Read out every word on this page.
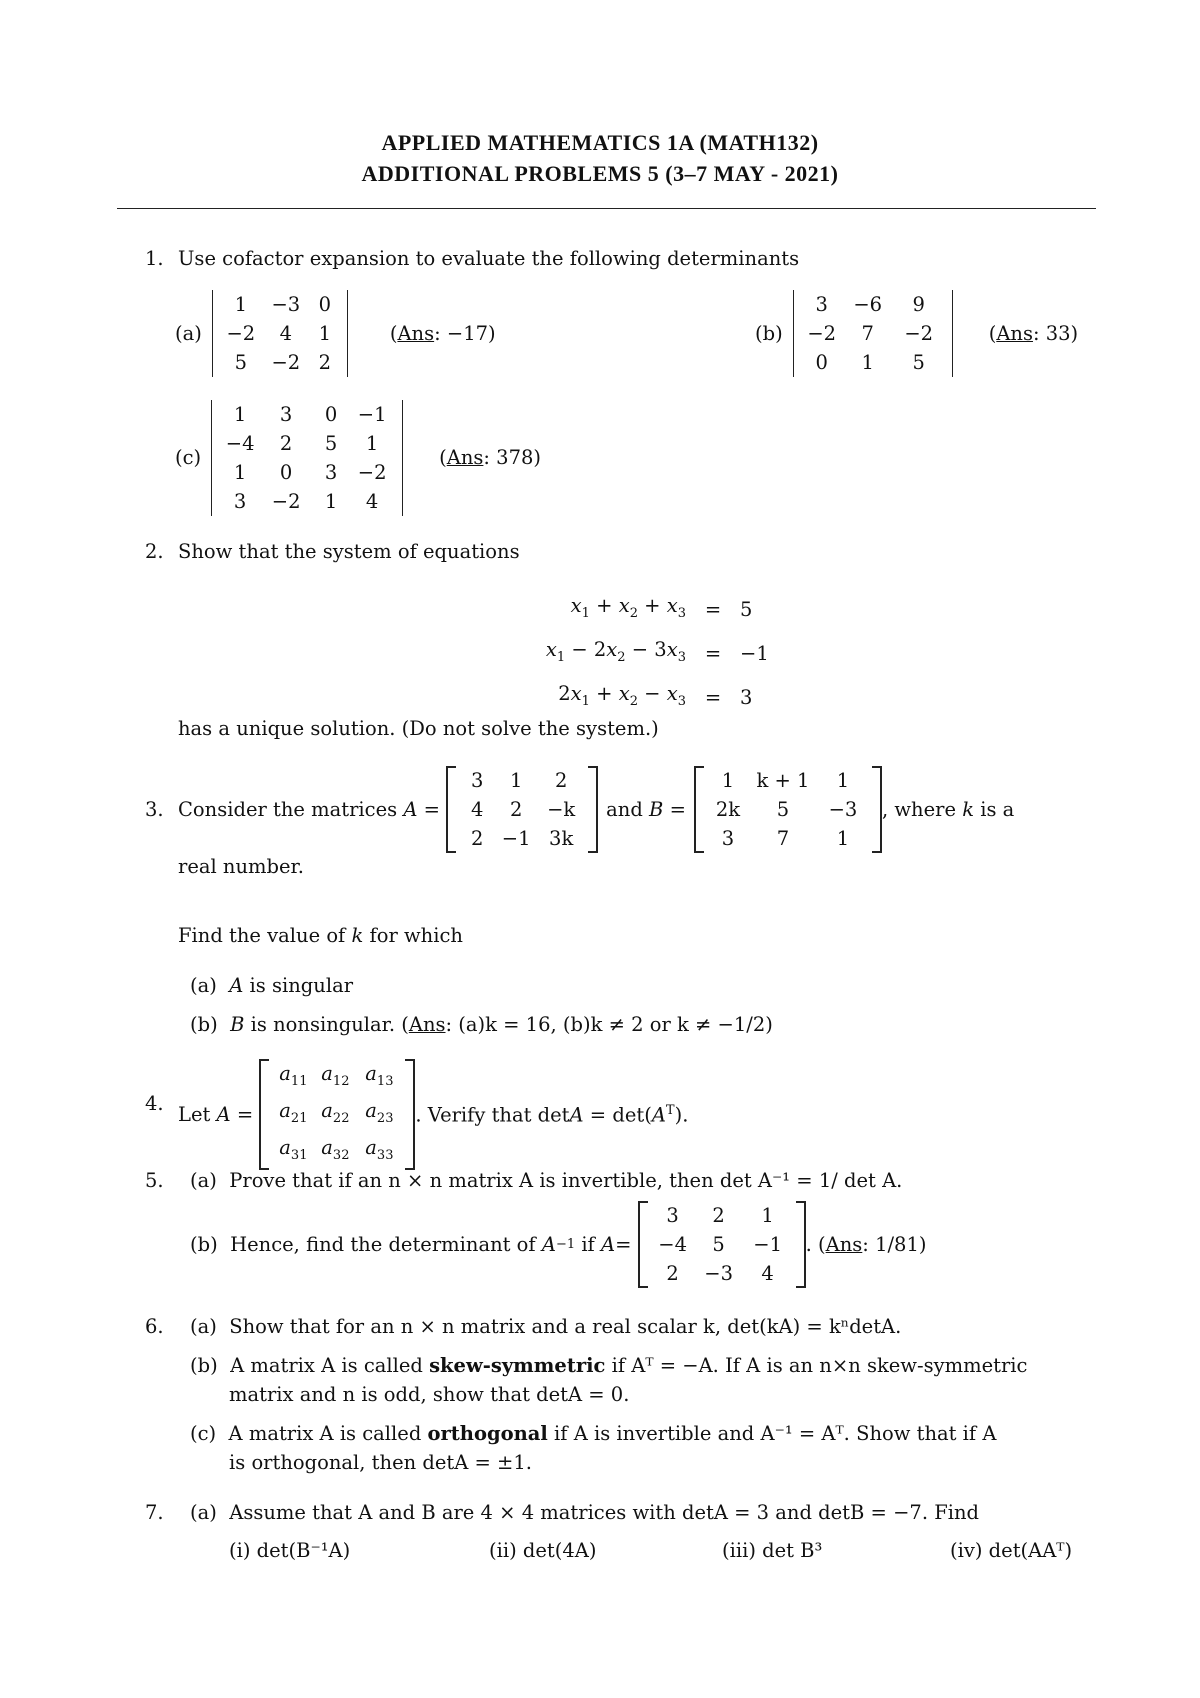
APPLIED MATHEMATICS 1A (MATH132)
ADDITIONAL PROBLEMS 5 (3–7 MAY - 2021)
1. Use cofactor expansion to evaluate the following determinants
(a)
1	−3	0
−2	4	1
5	−2	2
(Ans: −17)	(b)
3	−6	9
−2	7	−2
0	1	5
(Ans: 33)
(c)
1	3	0	−1
−4	2	5	1
1	0	3	−2
3	−2	1	4
(Ans: 378)
2. Show that the system of equations
$x_1 + x_2 + x_3$	=	5
$x_1 - 2x_2 - 3x_3$	=	−1
$2x_1 + x_2 - x_3$	=	3
has a unique solution. (Do not solve the system.)
3. Consider the matrices A =
3	1	2
4	2	−k
2	−1	3k
and B =
1	k + 1	1
2k	5	−3
3	7	1
, where k is a
real number.
Find the value of k for which
(a) A is singular
(b) B is nonsingular. (Ans: (a)k = 16, (b)k ≠ 2 or k ≠ −1/2)
4. Let A =
$a_{11}$	$a_{12}$	$a_{13}$
$a_{21}$	$a_{22}$	$a_{23}$
$a_{31}$	$a_{32}$	$a_{33}$
. Verify that $\det A = \det(A^T)$.
5. (a) Prove that if an n × n matrix A is invertible, then det A⁻¹ = 1/ det A.
(b)
Hence, find the determinant of
A −1
if
A =
3	2	1
−4	5	−1
2	−3	4
. (Ans: 1/81)
6. (a) Show that for an n × n matrix and a real scalar k, det(kA) = kⁿdetA.
(b) A matrix A is called skew-symmetric if Aᵀ = −A. If A is an n×n skew-symmetric
matrix and n is odd, show that detA = 0.
(c) A matrix A is called orthogonal if A is invertible and A⁻¹ = Aᵀ. Show that if A
is orthogonal, then detA = ±1.
7. (a) Assume that A and B are 4 × 4 matrices with detA = 3 and detB = −7. Find
(i) det(B⁻¹A)	(ii) det(4A)	(iii) det B³	(iv) det(AAᵀ)
